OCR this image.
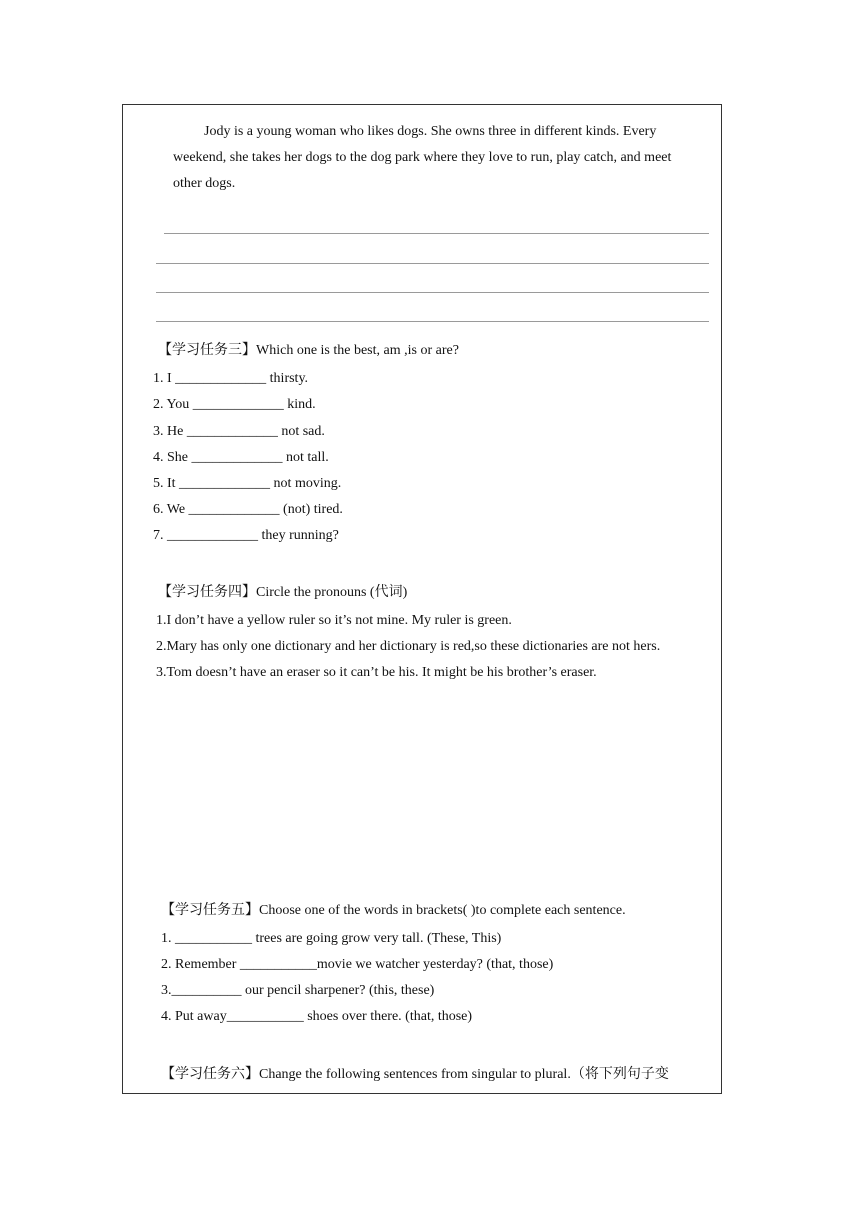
Jody is a young woman who likes dogs. She owns three in different kinds. Every
weekend, she takes her dogs to the dog park where they love to run, play catch, and meet
other dogs.
【学习任务三】Which one is the best, am ,is or are?
1. I _____________ thirsty.
2. You _____________ kind.
3. He _____________ not sad.
4. She _____________ not tall.
5. It _____________ not moving.
6. We _____________ (not) tired.
7. _____________ they running?
【学习任务四】Circle the pronouns (代词)
1.I don’t have a yellow ruler so it’s not mine. My ruler is green.
2.Mary has only one dictionary and her dictionary is red,so these dictionaries are not hers.
3.Tom doesn’t have an eraser so it can’t be his. It might be his brother’s eraser.
【学习任务五】Choose one of the words in brackets( )to complete each sentence.
1. ___________ trees are going grow very tall. (These, This)
2. Remember ___________movie we watcher yesterday? (that, those)
3.__________ our pencil sharpener? (this, these)
4. Put away___________ shoes over there. (that, those)
【学习任务六】Change the following sentences from singular to plural.（将下列句子变
